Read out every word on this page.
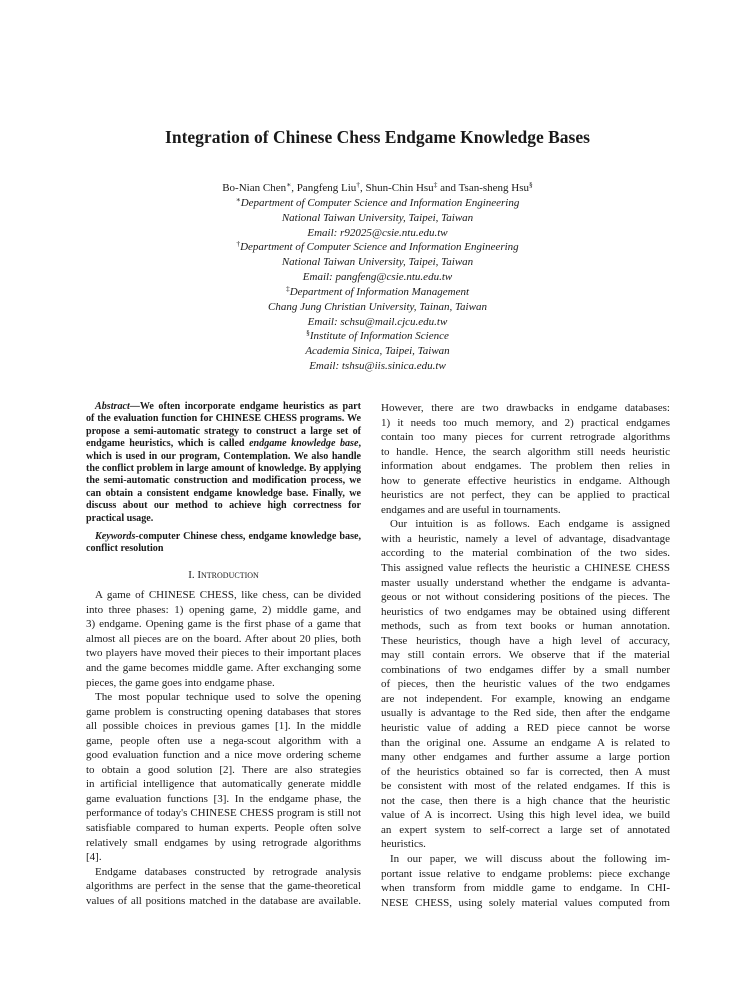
Integration of Chinese Chess Endgame Knowledge Bases
Bo-Nian Chen∗, Pangfeng Liu†, Shun-Chin Hsu‡ and Tsan-sheng Hsu§
∗Department of Computer Science and Information Engineering
National Taiwan University, Taipei, Taiwan
Email: r92025@csie.ntu.edu.tw
†Department of Computer Science and Information Engineering
National Taiwan University, Taipei, Taiwan
Email: pangfeng@csie.ntu.edu.tw
‡Department of Information Management
Chang Jung Christian University, Tainan, Taiwan
Email: schsu@mail.cjcu.edu.tw
§Institute of Information Science
Academia Sinica, Taipei, Taiwan
Email: tshsu@iis.sinica.edu.tw
Abstract—We often incorporate endgame heuristics as part
of the evaluation function for CHINESE CHESS programs. We
propose a semi-automatic strategy to construct a large set of
endgame heuristics, which is called endgame knowledge base,
which is used in our program, Contemplation. We also handle
the conflict problem in large amount of knowledge. By applying
the semi-automatic construction and modification process, we
can obtain a consistent endgame knowledge base. Finally, we
discuss about our method to achieve high correctness for
practical usage.
Keywords-computer Chinese chess, endgame knowledge base,
conflict resolution
I. Introduction
A game of CHINESE CHESS, like chess, can be divided
into three phases: 1) opening game, 2) middle game, and
3) endgame. Opening game is the first phase of a game that
almost all pieces are on the board. After about 20 plies, both
two players have moved their pieces to their important places
and the game becomes middle game. After exchanging some
pieces, the game goes into endgame phase.
The most popular technique used to solve the opening
game problem is constructing opening databases that stores
all possible choices in previous games [1]. In the middle
game, people often use a nega-scout algorithm with a
good evaluation function and a nice move ordering scheme
to obtain a good solution [2]. There are also strategies
in artificial intelligence that automatically generate middle
game evaluation functions [3]. In the endgame phase, the
performance of today's CHINESE CHESS program is still not
satisfiable compared to human experts. People often solve
relatively small endgames by using retrograde algorithms
[4].
Endgame databases constructed by retrograde analysis
algorithms are perfect in the sense that the game-theoretical
values of all positions matched in the database are available.
However, there are two drawbacks in endgame databases:
1) it needs too much memory, and 2) practical endgames
contain too many pieces for current retrograde algorithms
to handle. Hence, the search algorithm still needs heuristic
information about endgames. The problem then relies in
how to generate effective heuristics in endgame. Although
heuristics are not perfect, they can be applied to practical
endgames and are useful in tournaments.
Our intuition is as follows. Each endgame is assigned
with a heuristic, namely a level of advantage, disadvantage
according to the material combination of the two sides.
This assigned value reflects the heuristic a CHINESE CHESS
master usually understand whether the endgame is advanta-
geous or not without considering positions of the pieces. The
heuristics of two endgames may be obtained using different
methods, such as from text books or human annotation.
These heuristics, though have a high level of accuracy,
may still contain errors. We observe that if the material
combinations of two endgames differ by a small number
of pieces, then the heuristic values of the two endgames
are not independent. For example, knowing an endgame
usually is advantage to the Red side, then after the endgame
heuristic value of adding a RED piece cannot be worse
than the original one. Assume an endgame A is related to
many other endgames and further assume a large portion
of the heuristics obtained so far is corrected, then A must
be consistent with most of the related endgames. If this is
not the case, then there is a high chance that the heuristic
value of A is incorrect. Using this high level idea, we build
an expert system to self-correct a large set of annotated
heuristics.
In our paper, we will discuss about the following im-
portant issue relative to endgame problems: piece exchange
when transform from middle game to endgame. In CHI-
NESE CHESS, using solely material values computed from
